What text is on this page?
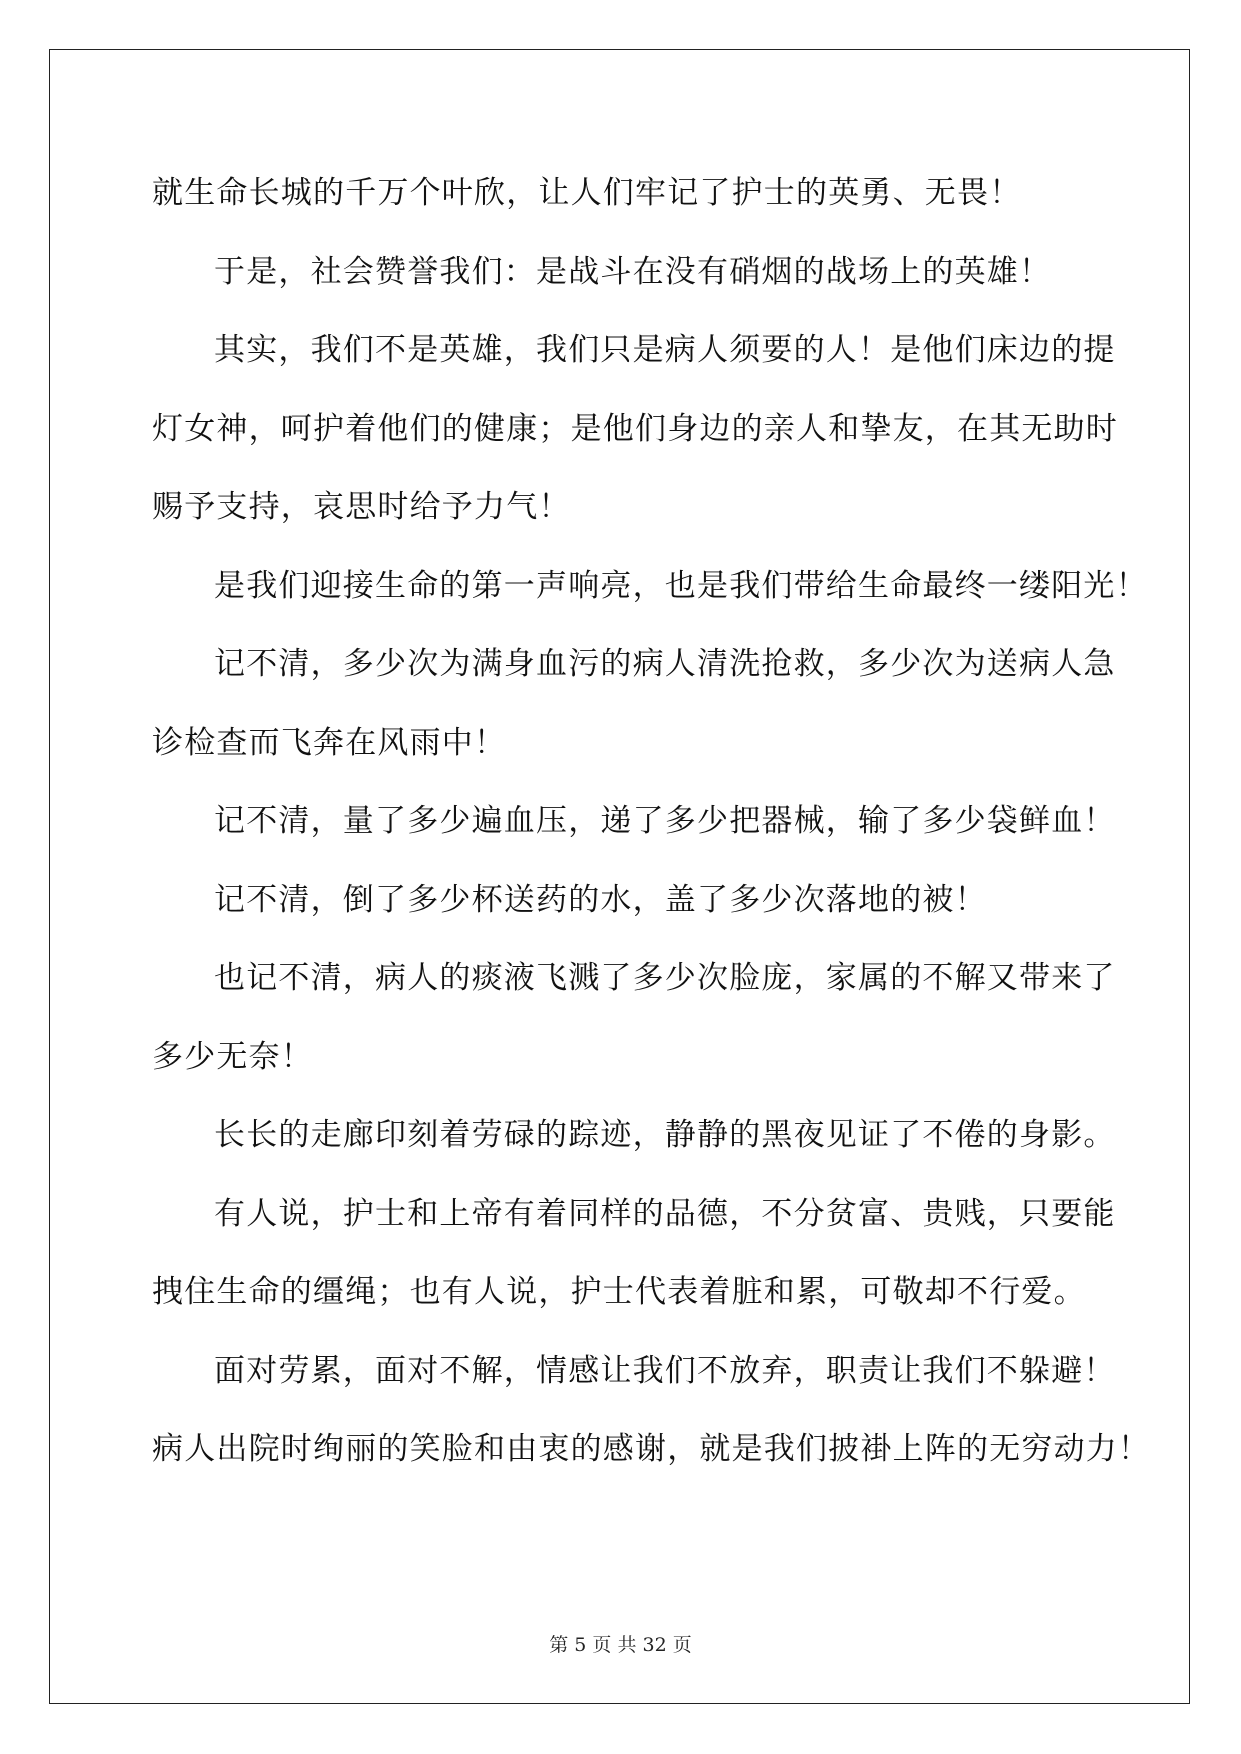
就生命长城的千万个叶欣，让人们牢记了护士的英勇、无畏！
于是，社会赞誉我们：是战斗在没有硝烟的战场上的英雄！
其实，我们不是英雄，我们只是病人须要的人！是他们床边的提
灯女神，呵护着他们的健康；是他们身边的亲人和挚友，在其无助时
赐予支持，哀思时给予力气！
是我们迎接生命的第一声响亮，也是我们带给生命最终一缕阳光！
记不清，多少次为满身血污的病人清洗抢救，多少次为送病人急
诊检查而飞奔在风雨中！
记不清，量了多少遍血压，递了多少把器械，输了多少袋鲜血！
记不清，倒了多少杯送药的水，盖了多少次落地的被！
也记不清，病人的痰液飞溅了多少次脸庞，家属的不解又带来了
多少无奈！
长长的走廊印刻着劳碌的踪迹，静静的黑夜见证了不倦的身影。
有人说，护士和上帝有着同样的品德，不分贫富、贵贱，只要能
拽住生命的缰绳；也有人说，护士代表着脏和累，可敬却不行爱。
面对劳累，面对不解，情感让我们不放弃，职责让我们不躲避！
病人出院时绚丽的笑脸和由衷的感谢，就是我们披褂上阵的无穷动力！
第 5 页 共 32 页
